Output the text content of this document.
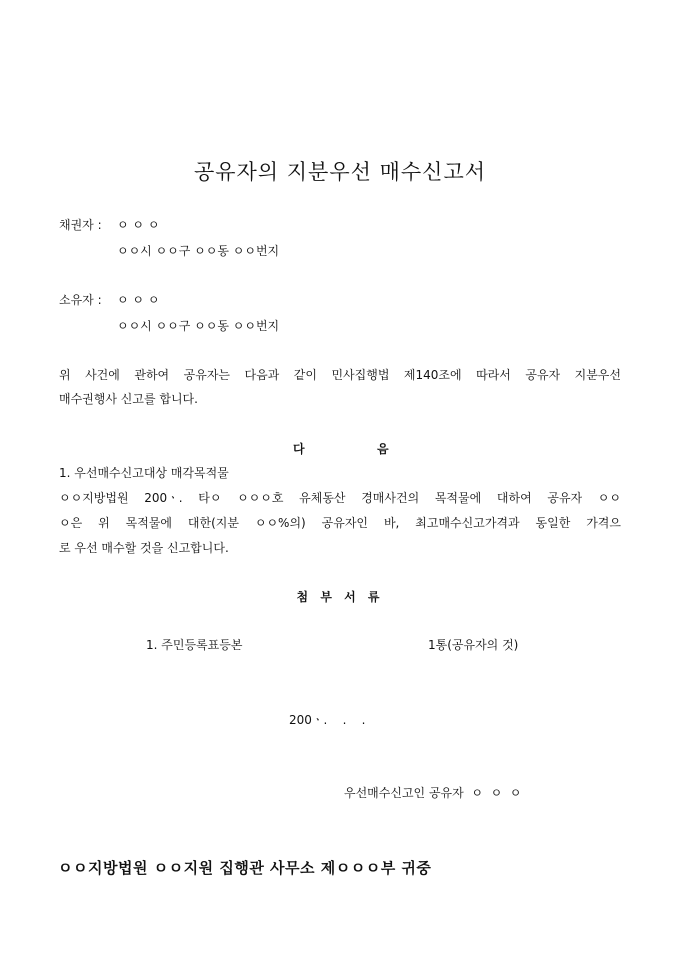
공유자의 지분우선 매수신고서
채권자 : ㅇ ㅇ ㅇ
ㅇㅇ시 ㅇㅇ구 ㅇㅇ동 ㅇㅇ번지
소유자 : ㅇ ㅇ ㅇ
ㅇㅇ시 ㅇㅇ구 ㅇㅇ동 ㅇㅇ번지
위 사건에 관하여 공유자는 다음과 같이 민사집행법 제140조에 따라서 공유자 지분우선
매수권행사 신고를 합니다.
다	음
1. 우선매수신고대상 매각목적물
ㅇㅇ지방법원 200ㆍ. 타ㅇ ㅇㅇㅇ호 유체동산 경매사건의 목적물에 대하여 공유자 ㅇㅇ
ㅇ은 위 목적물에 대한(지분 ㅇㅇ%의) 공유자인 바, 최고매수신고가격과 동일한 가격으
로 우선 매수할 것을 신고합니다.
첨 부 서 류
1. 주민등록표등본	1통(공유자의 것)
200ㆍ.    .    .
우선매수신고인 공유자  ㅇ  ㅇ  ㅇ
ㅇㅇ지방법원 ㅇㅇ지원 집행관 사무소 제ㅇㅇㅇ부 귀중
